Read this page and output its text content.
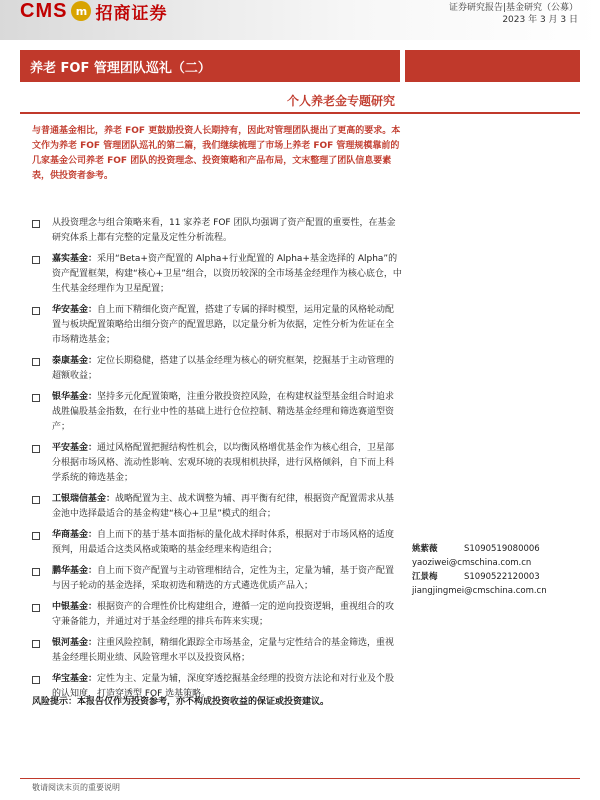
CMS m 招商证券	证券研究报告|基金研究（公募）
2023 年 3 月 3 日
养老 FOF 管理团队巡礼（二）
个人养老金专题研究
与普通基金相比，养老 FOF 更鼓励投资人长期持有，因此对管理团队提出了更高的要求。本文作为养老 FOF 管理团队巡礼的第二篇，我们继续梳理了市场上养老 FOF 管理规模靠前的几家基金公司养老 FOF 团队的投资理念、投资策略和产品布局，文末整理了团队信息要素表，供投资者参考。
从投资理念与组合策略来看，11 家养老 FOF 团队均强调了资产配置的重要性，在基金研究体系上都有完整的定量及定性分析流程。
嘉实基金：采用“Beta+资产配置的 Alpha+行业配置的 Alpha+基金选择的 Alpha”的资产配置框架，构建“核心+卫星”组合，以资历较深的全市场基金经理作为核心底仓，中生代基金经理作为卫星配置；
华安基金：自上而下精细化资产配置，搭建了专属的择时模型，运用定量的风格轮动配置与板块配置策略给出细分资产的配置思路，以定量分析为依据，定性分析为佐证在全市场精选基金；
泰康基金：定位长期稳健，搭建了以基金经理为核心的研究框架，挖掘基于主动管理的超额收益；
银华基金：坚持多元化配置策略，注重分散投资控风险，在构建权益型基金组合时追求战胜偏股基金指数，在行业中性的基础上进行仓位控制、精选基金经理和筛选赛道型资产；
平安基金：通过风格配置把握结构性机会，以均衡风格增优基金作为核心组合，卫星部分根据市场风格、流动性影响、宏观环境的表现相机抉择，进行风格倾斜，自下而上科学系统的筛选基金；
工银瑞信基金：战略配置为主、战术调整为辅、再平衡有纪律，根据资产配置需求从基金池中选择最适合的基金构建“核心+卫星”模式的组合；
华商基金：自上而下的基于基本面指标的量化战术择时体系，根据对于市场风格的适度预判，用最适合这类风格或策略的基金经理来构造组合；
鹏华基金：自上而下资产配置与主动管理相结合，定性为主，定量为辅，基于资产配置与因子轮动的基金选择，采取初选和精选的方式遴选优质产品入；
中银基金：根据资产的合理性价比构建组合，遵循一定的逆向投资逻辑，重视组合的攻守兼备能力，并通过对于基金经理的排兵布阵来实现；
银河基金：注重风险控制，精细化跟踪全市场基金，定量与定性结合的基金筛选，重视基金经理长期业绩、风险管理水平以及投资风格；
华宝基金：定性为主、定量为辅，深度穿透挖掘基金经理的投资方法论和对行业及个股的认知度，打造穿透型 FOF 选基策略。
风险提示：本报告仅作为投资参考，亦不构成投资收益的保证或投资建议。
姚紫薇	S1090519080006
yaoziwei@cmschina.com.cn
江景梅	S1090522120003
jiangjingmei@cmschina.com.cn
敬请阅读末页的重要说明
